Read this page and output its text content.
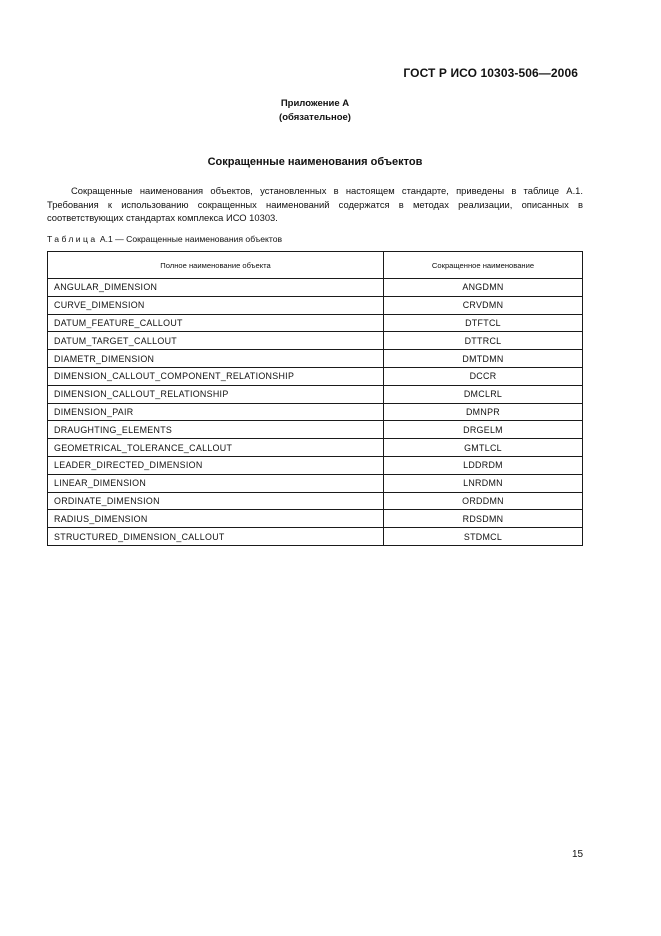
ГОСТ Р ИСО 10303-506—2006
Приложение А
(обязательное)
Сокращенные наименования объектов
Сокращенные наименования объектов, установленных в настоящем стандарте, приведены в таблице А.1. Требования к использованию сокращенных наименований содержатся в методах реализации, описанных в соответствующих стандартах комплекса ИСО 10303.
Таблица А.1 — Сокращенные наименования объектов
Полное наименование объекта	Сокращенное наименование
ANGULAR_DIMENSION	ANGDMN
CURVE_DIMENSION	CRVDMN
DATUM_FEATURE_CALLOUT	DTFTCL
DATUM_TARGET_CALLOUT	DTTRCL
DIAMETR_DIMENSION	DMTDMN
DIMENSION_CALLOUT_COMPONENT_RELATIONSHIP	DCCR
DIMENSION_CALLOUT_RELATIONSHIP	DMCLRL
DIMENSION_PAIR	DMNPR
DRAUGHTING_ELEMENTS	DRGELM
GEOMETRICAL_TOLERANCE_CALLOUT	GMTLCL
LEADER_DIRECTED_DIMENSION	LDDRDM
LINEAR_DIMENSION	LNRDMN
ORDINATE_DIMENSION	ORDDMN
RADIUS_DIMENSION	RDSDMN
STRUCTURED_DIMENSION_CALLOUT	STDMCL
15
